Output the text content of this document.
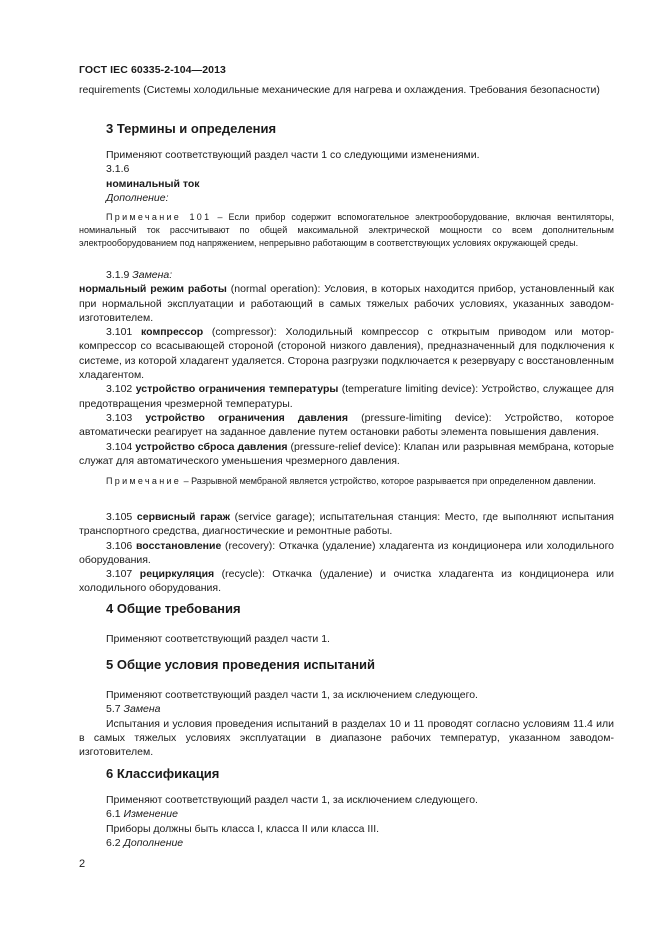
ГОСТ IEC 60335-2-104—2013

requirements (Системы холодильные механические для нагрева и охлаждения. Требования безопасности)

3 Термины и определения

Применяют соответствующий раздел части 1 со следующими изменениями.

3.1.6

номинальный ток

Дополнение:

Примечание 101 – Если прибор содержит вспомогательное электрооборудование, включая вентиляторы, номинальный ток рассчитывают по общей максимальной электрической мощности со всем дополнительным электрооборудованием под напряжением, непрерывно работающим в соответствующих условиях окружающей среды.

3.1.9 Замена:

нормальный режим работы (normal operation): Условия, в которых находится прибор, установленный как при нормальной эксплуатации и работающий в самых тяжелых рабочих условиях, указанных заводом-изготовителем.

3.101 компрессор (compressor): Холодильный компрессор с открытым приводом или мотор-компрессор со всасывающей стороной (стороной низкого давления), предназначенный для подключения к системе, из которой хладагент удаляется. Сторона разгрузки подключается к резервуару с восстановленным хладагентом.

3.102 устройство ограничения температуры (temperature limiting device): Устройство, служащее для предотвращения чрезмерной температуры.

3.103 устройство ограничения давления (pressure-limiting device): Устройство, которое автоматически реагирует на заданное давление путем остановки работы элемента повышения давления.

3.104 устройство сброса давления (pressure-relief device): Клапан или разрывная мембрана, которые служат для автоматического уменьшения чрезмерного давления.

Примечание – Разрывной мембраной является устройство, которое разрывается при определенном давлении.

3.105 сервисный гараж (service garage); испытательная станция: Место, где выполняют испытания транспортного средства, диагностические и ремонтные работы.

3.106 восстановление (recovery): Откачка (удаление) хладагента из кондиционера или холодильного оборудования.

3.107 рециркуляция (recycle): Откачка (удаление) и очистка хладагента из кондиционера или холодильного оборудования.

4 Общие требования

Применяют соответствующий раздел части 1.

5 Общие условия проведения испытаний

Применяют соответствующий раздел части 1, за исключением следующего.

5.7 Замена

Испытания и условия проведения испытаний в разделах 10 и 11 проводят согласно условиям 11.4 или в самых тяжелых условиях эксплуатации в диапазоне рабочих температур, указанном заводом-изготовителем.

6 Классификация

Применяют соответствующий раздел части 1, за исключением следующего.

6.1 Изменение

Приборы должны быть класса I, класса II или класса III.

6.2 Дополнение

2
